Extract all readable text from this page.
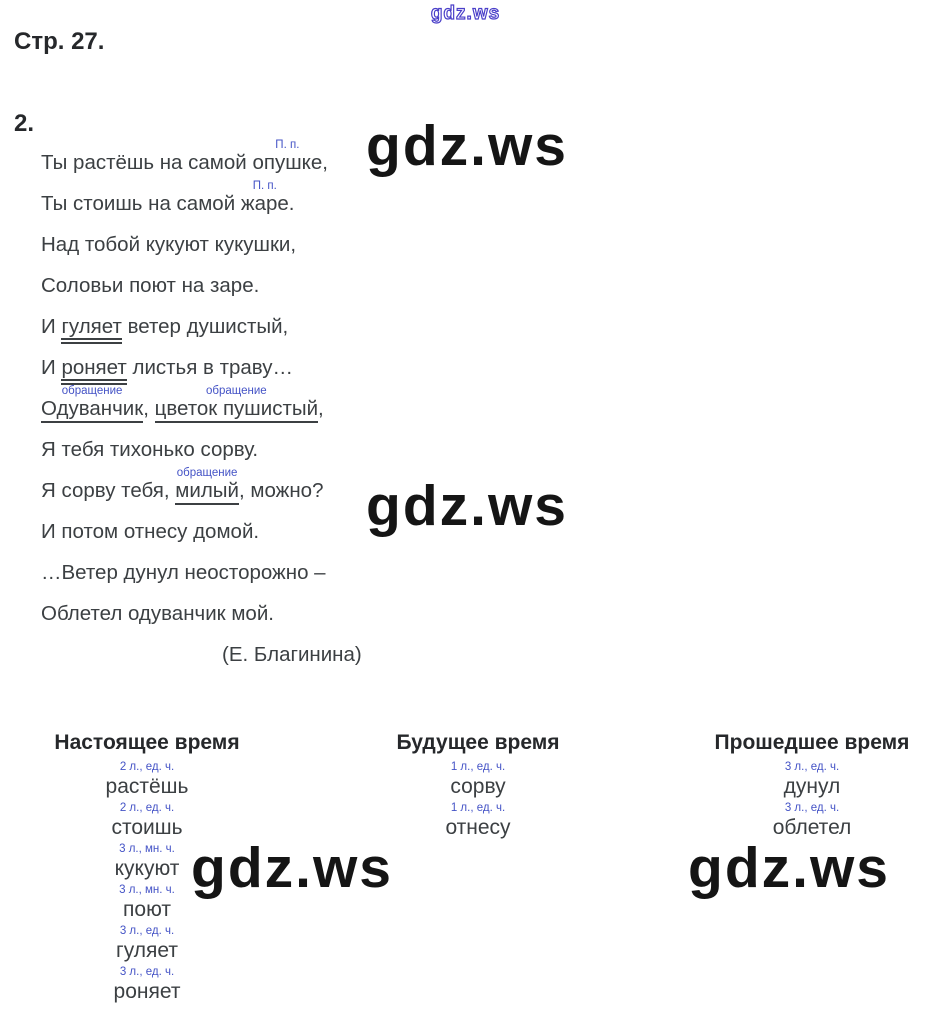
gdz.ws
Стр. 27.
2.
Ты растёшь на самой опушке
П. п.
,
Ты стоишь на самой жаре
П. п.
.
Над тобой кукуют кукушки,
Соловьи поют на заре.
И гуляет ветер душистый,
И роняет листья в траву…
Одуванчик
обращение
, цветок пушистый
обращение
,
Я тебя тихонько сорву.
Я сорву тебя, милый
обращение
, можно?
И потом отнесу домой.
…Ветер дунул неосторожно –
Облетел одуванчик мой.
(Е. Благинина)
gdz.ws
gdz.ws
gdz.ws	gdz.ws
Настоящее время
2 л., ед. ч.
растёшь
2 л., ед. ч.
стоишь
3 л., мн. ч.
кукуют
3 л., мн. ч.
поют
3 л., ед. ч.
гуляет
3 л., ед. ч.
роняет
Будущее время
1 л., ед. ч.
сорву
1 л., ед. ч.
отнесу
Прошедшее время
3 л., ед. ч.
дунул
3 л., ед. ч.
облетел
